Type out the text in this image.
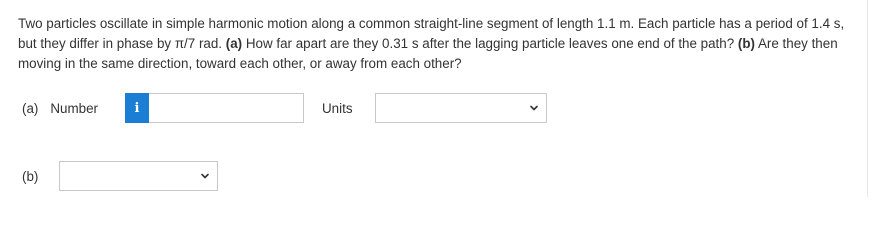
Two particles oscillate in simple harmonic motion along a common straight-line segment of length 1.1 m. Each particle has a period of 1.4 s, but they differ in phase by π/7 rad. (a) How far apart are they 0.31 s after the lagging particle leaves one end of the path? (b) Are they then moving in the same direction, toward each other, or away from each other?

(a) Number	i	Units
(b)
